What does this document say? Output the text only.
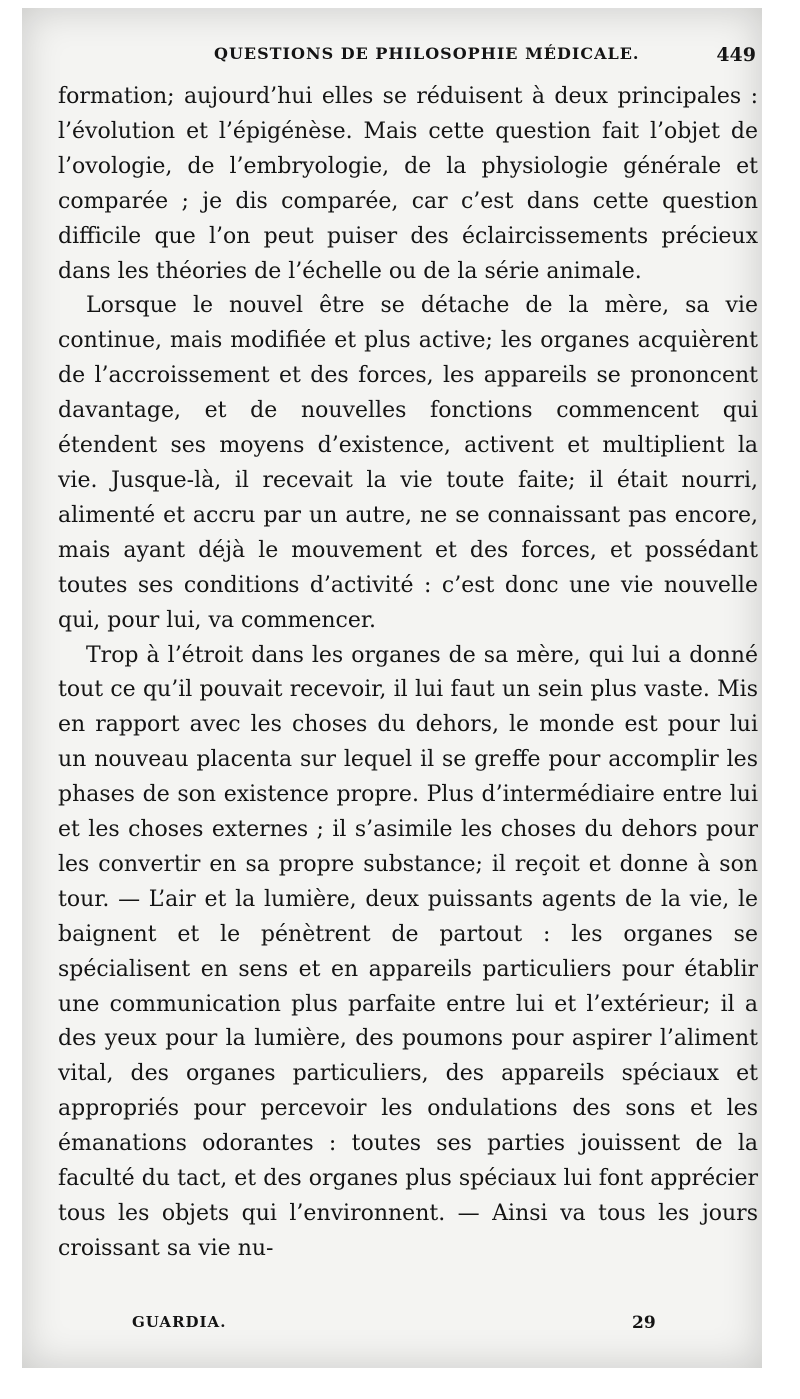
QUESTIONS DE PHILOSOPHIE MÉDICALE.	449

formation; aujourd’hui elles se réduisent à deux principales : l’évolution et l’épigénèse. Mais cette question fait l’objet de l’ovologie, de l’embryologie, de la physiologie générale et comparée ; je dis comparée, car c’est dans cette question difficile que l’on peut puiser des éclaircissements précieux dans les théories de l’échelle ou de la série animale.

Lorsque le nouvel être se détache de la mère, sa vie continue, mais modifiée et plus active; les organes acquièrent de l’accroissement et des forces, les appareils se prononcent davantage, et de nouvelles fonctions commencent qui étendent ses moyens d’existence, activent et multiplient la vie. Jusque-là, il recevait la vie toute faite; il était nourri, alimenté et accru par un autre, ne se connaissant pas encore, mais ayant déjà le mouvement et des forces, et possédant toutes ses conditions d’activité : c’est donc une vie nouvelle qui, pour lui, va commencer.

Trop à l’étroit dans les organes de sa mère, qui lui a donné tout ce qu’il pouvait recevoir, il lui faut un sein plus vaste. Mis en rapport avec les choses du dehors, le monde est pour lui un nouveau placenta sur lequel il se greffe pour accomplir les phases de son existence propre. Plus d’intermédiaire entre lui et les choses externes ; il s’asimile les choses du dehors pour les convertir en sa propre substance; il reçoit et donne à son tour. — L’air et la lumière, deux puissants agents de la vie, le baignent et le pénètrent de partout : les organes se spécialisent en sens et en appareils particuliers pour établir une communication plus parfaite entre lui et l’extérieur; il a des yeux pour la lumière, des poumons pour aspirer l’aliment vital, des organes particuliers, des appareils spéciaux et appropriés pour percevoir les ondulations des sons et les émanations odorantes : toutes ses parties jouissent de la faculté du tact, et des organes plus spéciaux lui font apprécier tous les objets qui l’environnent. — Ainsi va tous les jours croissant sa vie nu-

GUARDIA.	29
